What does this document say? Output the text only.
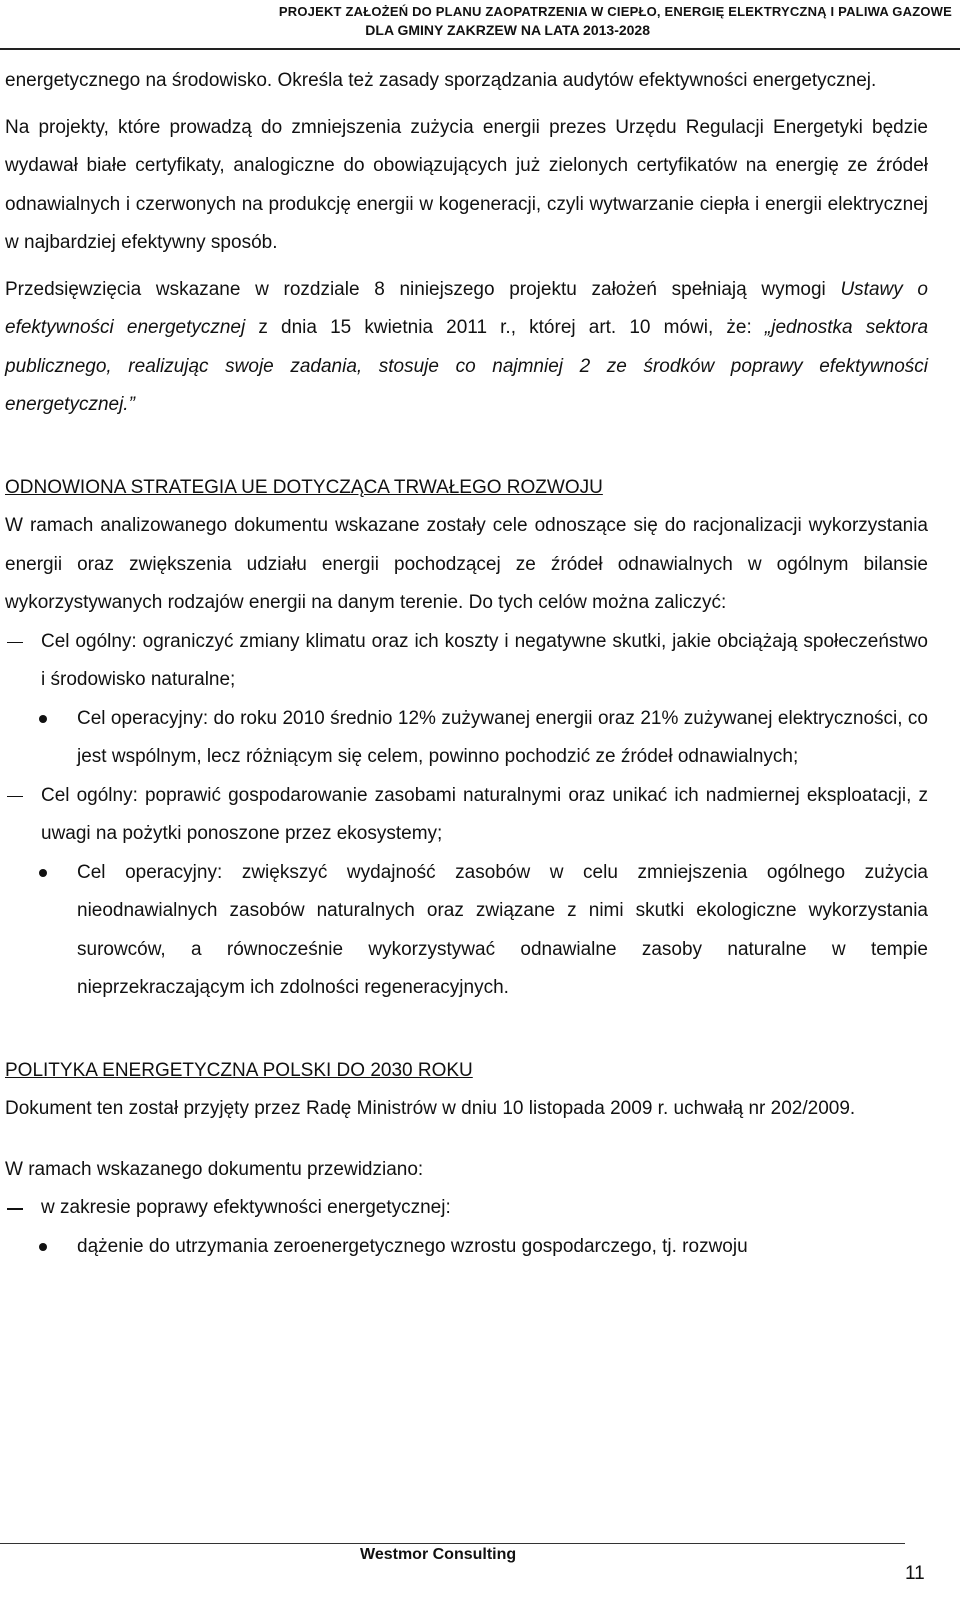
PROJEKT ZAŁOŻEŃ DO PLANU ZAOPATRZENIA W CIEPŁO, ENERGIĘ ELEKTRYCZNĄ I PALIWA GAZOWE
DLA GMINY ZAKRZEW NA LATA 2013-2028

energetycznego na środowisko. Określa też zasady sporządzania audytów efektywności energetycznej.

Na projekty, które prowadzą do zmniejszenia zużycia energii prezes Urzędu Regulacji Energetyki będzie wydawał białe certyfikaty, analogiczne do obowiązujących już zielonych certyfikatów na energię ze źródeł odnawialnych i czerwonych na produkcję energii w kogeneracji, czyli wytwarzanie ciepła i energii elektrycznej w najbardziej efektywny sposób.

Przedsięwzięcia wskazane w rozdziale 8 niniejszego projektu założeń spełniają wymogi Ustawy o efektywności energetycznej z dnia 15 kwietnia 2011 r., której art. 10 mówi, że: „jednostka sektora publicznego, realizując swoje zadania, stosuje co najmniej 2 ze środków poprawy efektywności energetycznej.”

ODNOWIONA STRATEGIA UE DOTYCZĄCA TRWAŁEGO ROZWOJU

W ramach analizowanego dokumentu wskazane zostały cele odnoszące się do racjonalizacji wykorzystania energii oraz zwiększenia udziału energii pochodzącej ze źródeł odnawialnych w ogólnym bilansie wykorzystywanych rodzajów energii na danym terenie. Do tych celów można zaliczyć:

Cel ogólny: ograniczyć zmiany klimatu oraz ich koszty i negatywne skutki, jakie obciążają społeczeństwo i środowisko naturalne;
Cel operacyjny: do roku 2010 średnio 12% zużywanej energii oraz 21% zużywanej elektryczności, co jest wspólnym, lecz różniącym się celem, powinno pochodzić ze źródeł odnawialnych;
Cel ogólny: poprawić gospodarowanie zasobami naturalnymi oraz unikać ich nadmiernej eksploatacji, z uwagi na pożytki ponoszone przez ekosystemy;
Cel operacyjny: zwiększyć wydajność zasobów w celu zmniejszenia ogólnego zużycia nieodnawialnych zasobów naturalnych oraz związane z nimi skutki ekologiczne wykorzystania surowców, a równocześnie wykorzystywać odnawialne zasoby naturalne w tempie nieprzekraczającym ich zdolności regeneracyjnych.

POLITYKA ENERGETYCZNA POLSKI DO 2030 ROKU

Dokument ten został przyjęty przez Radę Ministrów w dniu 10 listopada 2009 r. uchwałą nr 202/2009.

W ramach wskazanego dokumentu przewidziano:

w zakresie poprawy efektywności energetycznej:
dążenie do utrzymania zeroenergetycznego wzrostu gospodarczego, tj. rozwoju
Westmor Consulting
11
